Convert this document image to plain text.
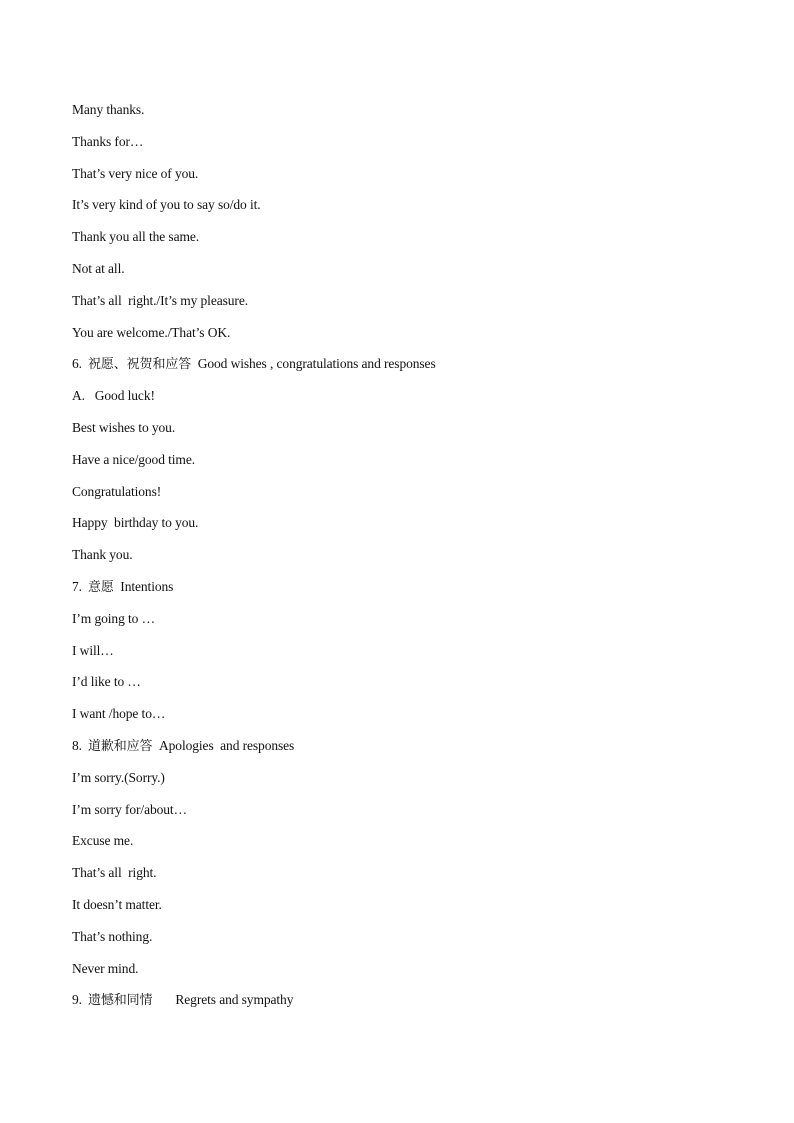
Many thanks.
Thanks for…
That’s very nice of you.
It’s very kind of you to say so/do it.
Thank you all the same.
Not at all.
That’s all  right./It’s my pleasure.
You are welcome./That’s OK.
6. 祝愿、祝贺和应答  Good wishes , congratulations and responses
A.   Good luck!
Best wishes to you.
Have a nice/good time.
Congratulations!
Happy  birthday to you.
Thank you.
7. 意愿  Intentions
I’m going to …
I will…
I’d like to …
I want /hope to…
8. 道歉和应答  Apologies  and responses
I’m sorry.(Sorry.)
I’m sorry for/about…
Excuse me.
That’s all  right.
It doesn’t matter.
That’s nothing.
Never mind.
9. 遗憾和同情       Regrets and sympathy
